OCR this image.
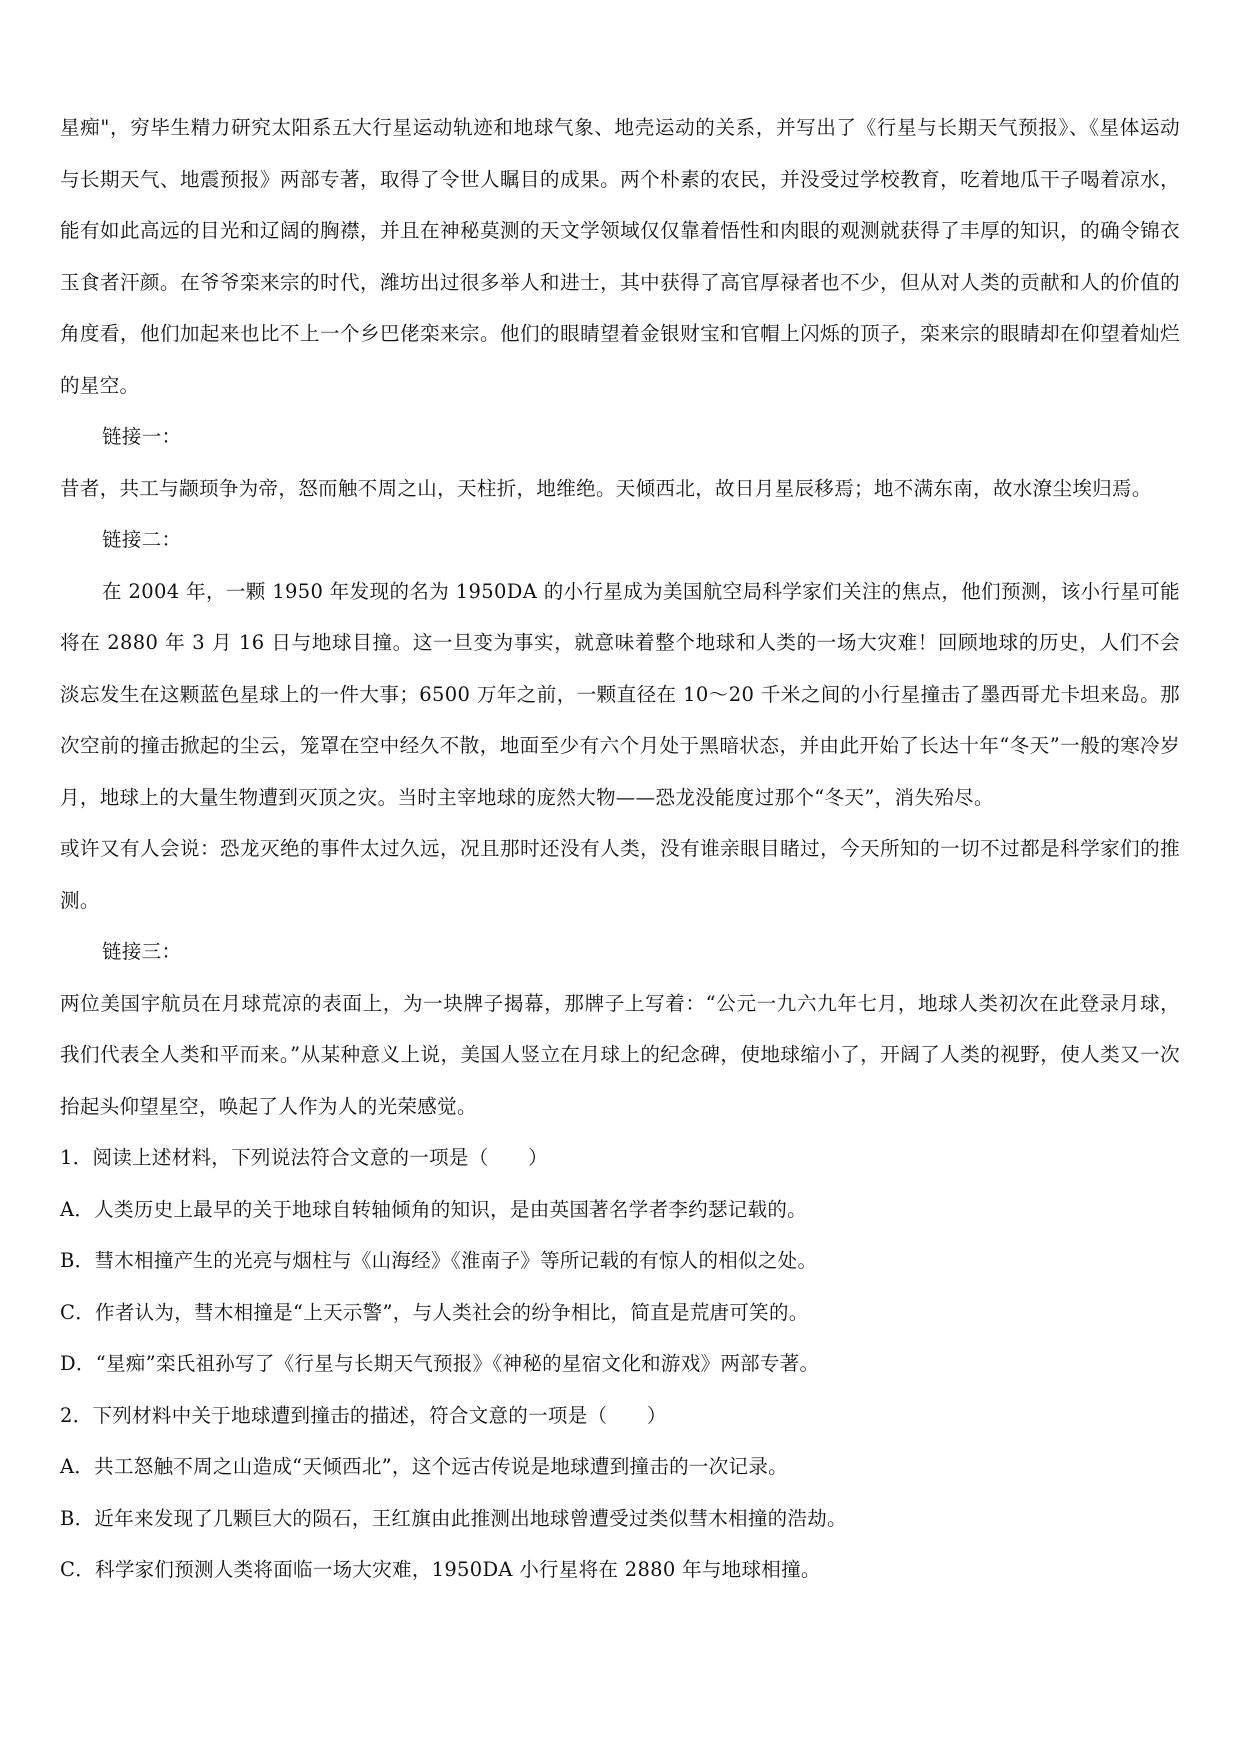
星痴"，穷毕生精力研究太阳系五大行星运动轨迹和地球气象、地壳运动的关系，并写出了《行星与长期天气预报》、《星体运动与长期天气、地震预报》两部专著，取得了令世人瞩目的成果。两个朴素的农民，并没受过学校教育，吃着地瓜干子喝着凉水，能有如此高远的目光和辽阔的胸襟，并且在神秘莫测的天文学领域仅仅靠着悟性和肉眼的观测就获得了丰厚的知识，的确令锦衣玉食者汗颜。在爷爷栾来宗的时代，潍坊出过很多举人和进士，其中获得了高官厚禄者也不少，但从对人类的贡献和人的价值的角度看，他们加起来也比不上一个乡巴佬栾来宗。他们的眼睛望着金银财宝和官帽上闪烁的顶子，栾来宗的眼睛却在仰望着灿烂的星空。

链接一：

昔者，共工与颛顼争为帝，怒而触不周之山，天柱折，地维绝。天倾西北，故日月星辰移焉；地不满东南，故水潦尘埃归焉。

链接二：

在 2004 年，一颗 1950 年发现的名为 1950DA 的小行星成为美国航空局科学家们关注的焦点，他们预测，该小行星可能将在 2880 年 3 月 16 日与地球目撞。这一旦变为事实，就意味着整个地球和人类的一场大灾难！回顾地球的历史，人们不会淡忘发生在这颗蓝色星球上的一件大事；6500 万年之前，一颗直径在 10～20 千米之间的小行星撞击了墨西哥尤卡坦来岛。那次空前的撞击掀起的尘云，笼罩在空中经久不散，地面至少有六个月处于黑暗状态，并由此开始了长达十年“冬天”一般的寒冷岁月，地球上的大量生物遭到灭顶之灾。当时主宰地球的庞然大物——恐龙没能度过那个“冬天”，消失殆尽。

或许又有人会说：恐龙灭绝的事件太过久远，况且那时还没有人类，没有谁亲眼目睹过，今天所知的一切不过都是科学家们的推测。

链接三：

两位美国宇航员在月球荒凉的表面上，为一块牌子揭幕，那牌子上写着：“公元一九六九年七月，地球人类初次在此登录月球，我们代表全人类和平而来。”从某种意义上说，美国人竖立在月球上的纪念碑，使地球缩小了，开阔了人类的视野，使人类又一次抬起头仰望星空，唤起了人作为人的光荣感觉。

1．阅读上述材料，下列说法符合文意的一项是（　　）

A．人类历史上最早的关于地球自转轴倾角的知识，是由英国著名学者李约瑟记载的。

B．彗木相撞产生的光亮与烟柱与《山海经》《淮南子》等所记载的有惊人的相似之处。

C．作者认为，彗木相撞是“上天示警”，与人类社会的纷争相比，简直是荒唐可笑的。

D．“星痴”栾氏祖孙写了《行星与长期天气预报》《神秘的星宿文化和游戏》两部专著。

2．下列材料中关于地球遭到撞击的描述，符合文意的一项是（　　）

A．共工怒触不周之山造成“天倾西北”，这个远古传说是地球遭到撞击的一次记录。

B．近年来发现了几颗巨大的陨石，王红旗由此推测出地球曾遭受过类似彗木相撞的浩劫。

C．科学家们预测人类将面临一场大灾难，1950DA 小行星将在 2880 年与地球相撞。
